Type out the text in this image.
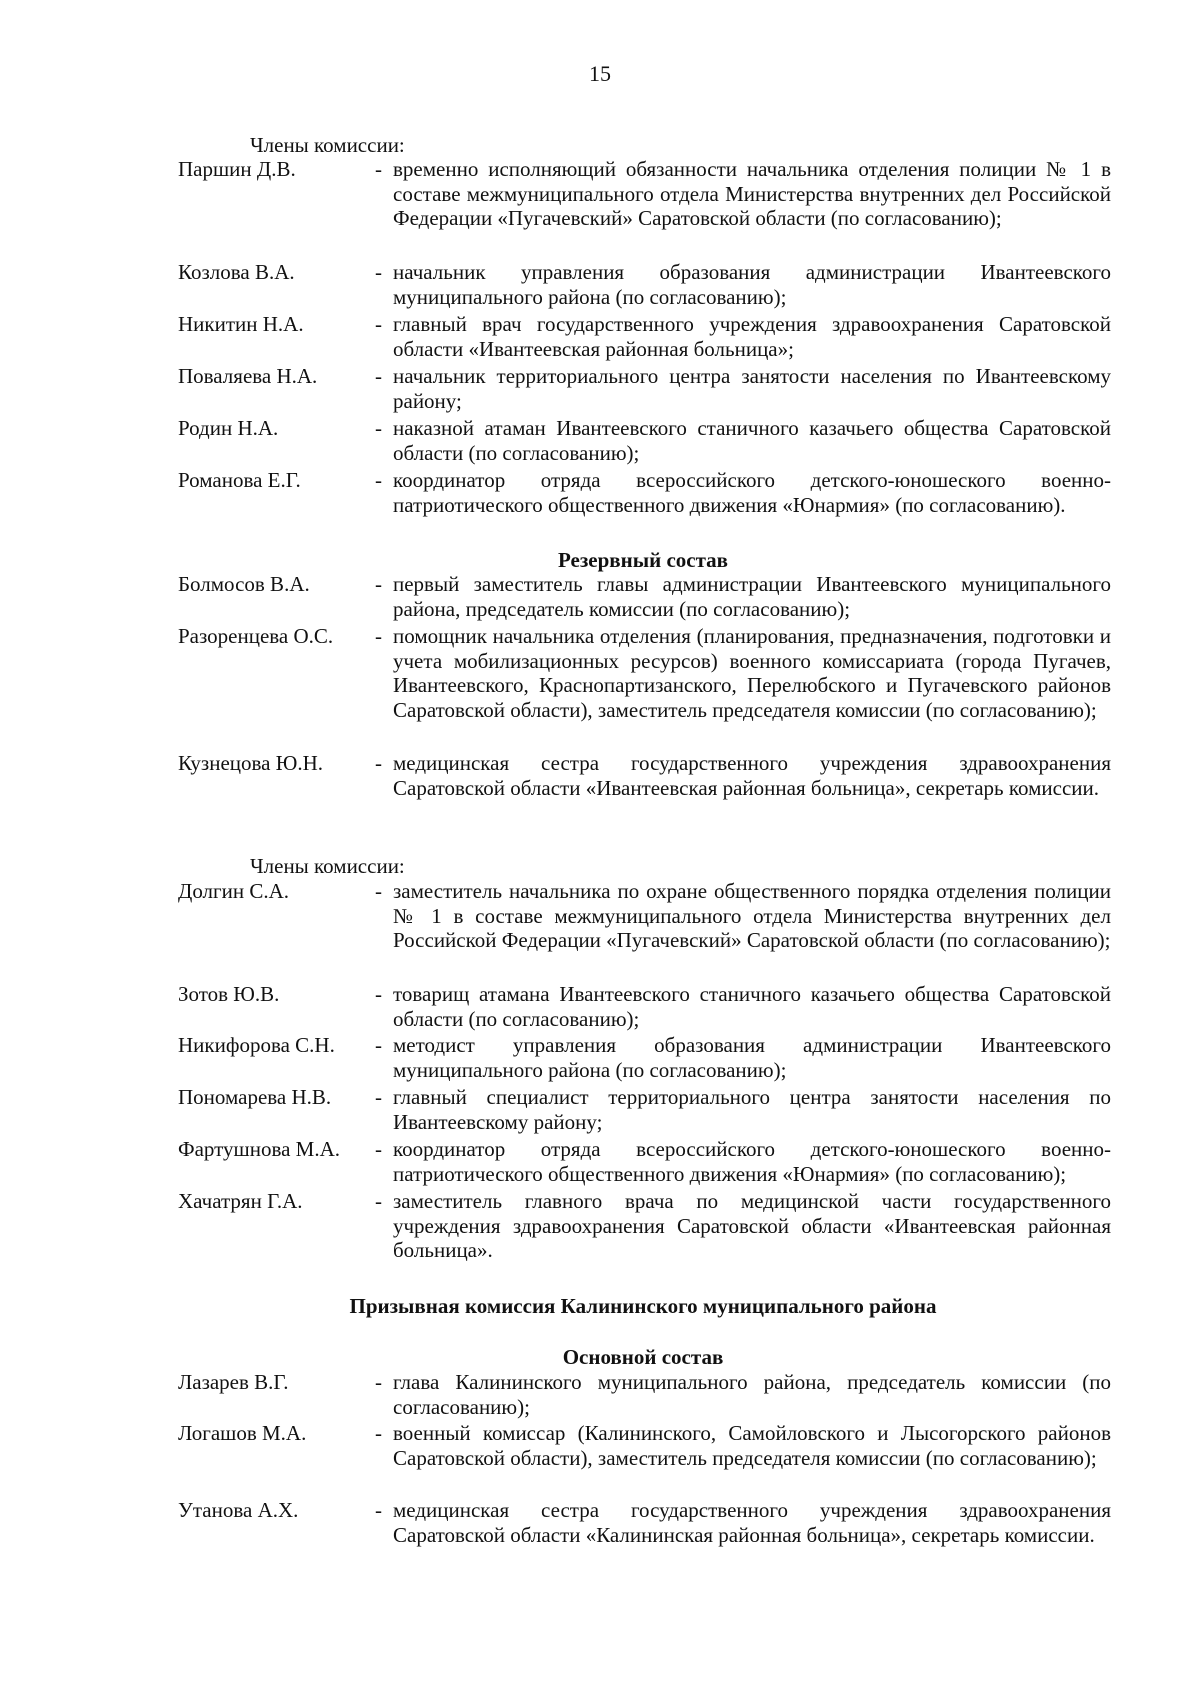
15
Члены комиссии:
Паршин Д.В.	- временно исполняющий обязанности начальника отделения полиции № 1 в составе межмуниципального отдела Министерства внутренних дел Российской Федерации «Пугачевский» Саратовской области (по согласованию);
Козлова В.А.	- начальник управления образования администрации Ивантеевского муниципального района (по согласованию);
Никитин Н.А.	- главный врач государственного учреждения здравоохранения Саратовской области «Ивантеевская районная больница»;
Поваляева Н.А.	- начальник территориального центра занятости населения по Ивантеевскому району;
Родин Н.А.	- наказной атаман Ивантеевского станичного казачьего общества Саратовской области (по согласованию);
Романова Е.Г.	- координатор отряда всероссийского детского-юношеского военно-патриотического общественного движения «Юнармия» (по согласованию).
Резервный состав
Болмосов В.А.	- первый заместитель главы администрации Ивантеевского муниципального района, председатель комиссии (по согласованию);
Разоренцева О.С. - помощник начальника отделения (планирования, предназначения, подготовки и учета мобилизационных ресурсов) военного комиссариата (города Пугачев, Ивантеевского, Краснопартизанского, Перелюбского и Пугачевского районов Саратовской области), заместитель председателя комиссии (по согласованию);
Кузнецова Ю.Н. - медицинская сестра государственного учреждения здравоохранения Саратовской области «Ивантеевская районная больница», секретарь комиссии.
Члены комиссии:
Долгин С.А.	- заместитель начальника по охране общественного порядка отделения полиции № 1 в составе межмуниципального отдела Министерства внутренних дел Российской Федерации «Пугачевский» Саратовской области (по согласованию);
Зотов Ю.В.	- товарищ атамана Ивантеевского станичного казачьего общества Саратовской области (по согласованию);
Никифорова С.Н. - методист управления образования администрации Ивантеевского муниципального района (по согласованию);
Пономарева Н.В. - главный специалист территориального центра занятости населения по Ивантеевскому району;
Фартушнова М.А. - координатор отряда всероссийского детского-юношеского военно-патриотического общественного движения «Юнармия» (по согласованию);
Хачатрян Г.А.	- заместитель главного врача по медицинской части государственного учреждения здравоохранения Саратовской области «Ивантеевская районная больница».
Призывная комиссия Калининского муниципального района
Основной состав
Лазарев В.Г.	- глава Калининского муниципального района, председатель комиссии (по согласованию);
Логашов М.А.	- военный комиссар (Калининского, Самойловского и Лысогорского районов Саратовской области), заместитель председателя комиссии (по согласованию);
Утанова А.Х.	- медицинская сестра государственного учреждения здравоохранения Саратовской области «Калининская районная больница», секретарь комиссии.
